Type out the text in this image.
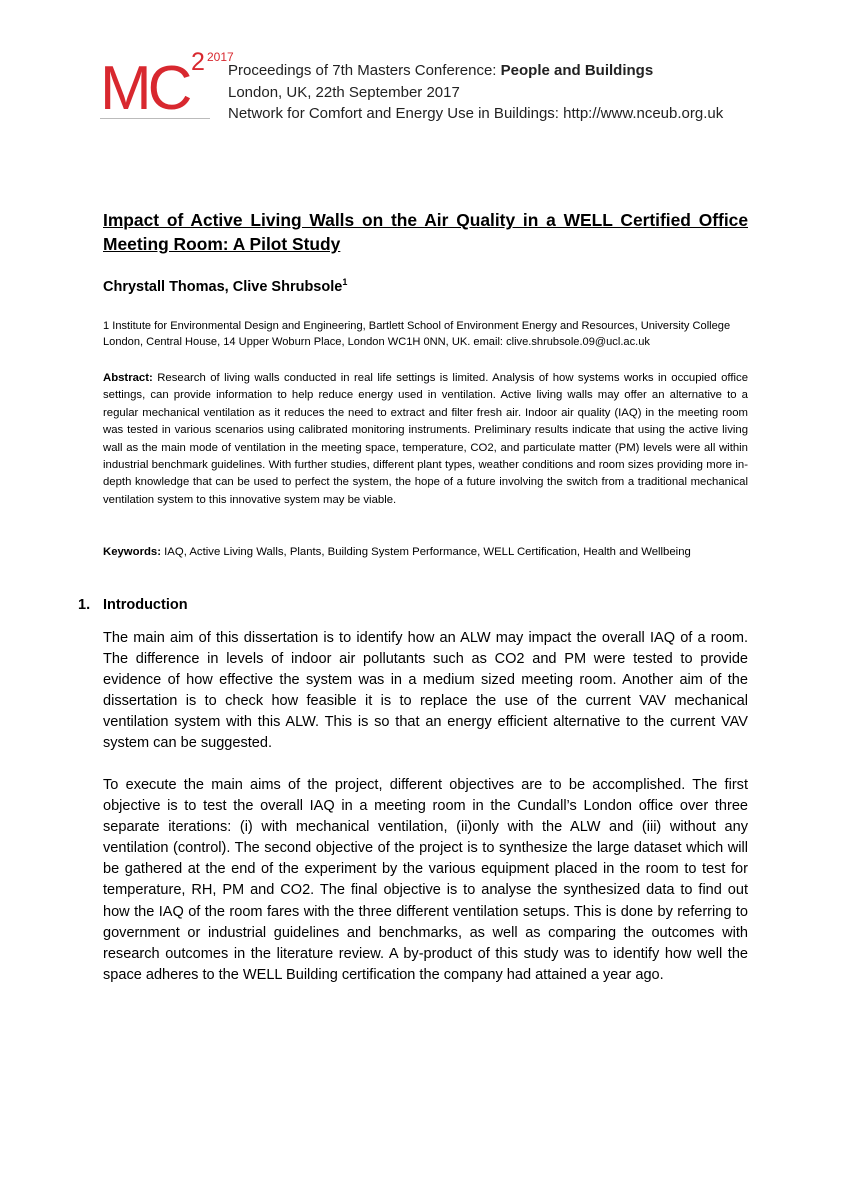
MC 2 2017
Proceedings of 7th Masters Conference: People and Buildings
London, UK, 22th September 2017
Network for Comfort and Energy Use in Buildings: http://www.nceub.org.uk
Impact of Active Living Walls on the Air Quality in a WELL Certified Office Meeting Room: A Pilot Study
Chrystall Thomas, Clive Shrubsole$^1$
1 Institute for Environmental Design and Engineering, Bartlett School of Environment Energy and Resources, University College London, Central House, 14 Upper Woburn Place, London WC1H 0NN, UK. email: clive.shrubsole.09@ucl.ac.uk
Abstract: Research of living walls conducted in real life settings is limited. Analysis of how systems works in occupied office settings, can provide information to help reduce energy used in ventilation. Active living walls may offer an alternative to a regular mechanical ventilation as it reduces the need to extract and filter fresh air. Indoor air quality (IAQ) in the meeting room was tested in various scenarios using calibrated monitoring instruments. Preliminary results indicate that using the active living wall as the main mode of ventilation in the meeting space, temperature, CO2, and particulate matter (PM) levels were all within industrial benchmark guidelines. With further studies, different plant types, weather conditions and room sizes providing more in-depth knowledge that can be used to perfect the system, the hope of a future involving the switch from a traditional mechanical ventilation system to this innovative system may be viable.
Keywords: IAQ, Active Living Walls, Plants, Building System Performance, WELL Certification, Health and Wellbeing
1. Introduction
The main aim of this dissertation is to identify how an ALW may impact the overall IAQ of a room. The difference in levels of indoor air pollutants such as CO2 and PM were tested to provide evidence of how effective the system was in a medium sized meeting room. Another aim of the dissertation is to check how feasible it is to replace the use of the current VAV mechanical ventilation system with this ALW. This is so that an energy efficient alternative to the current VAV system can be suggested.
To execute the main aims of the project, different objectives are to be accomplished. The first objective is to test the overall IAQ in a meeting room in the Cundall’s London office over three separate iterations: (i) with mechanical ventilation, (ii)only with the ALW and (iii) without any ventilation (control). The second objective of the project is to synthesize the large dataset which will be gathered at the end of the experiment by the various equipment placed in the room to test for temperature, RH, PM and CO2. The final objective is to analyse the synthesized data to find out how the IAQ of the room fares with the three different ventilation setups. This is done by referring to government or industrial guidelines and benchmarks, as well as comparing the outcomes with research outcomes in the literature review. A by-product of this study was to identify how well the space adheres to the WELL Building certification the company had attained a year ago.
